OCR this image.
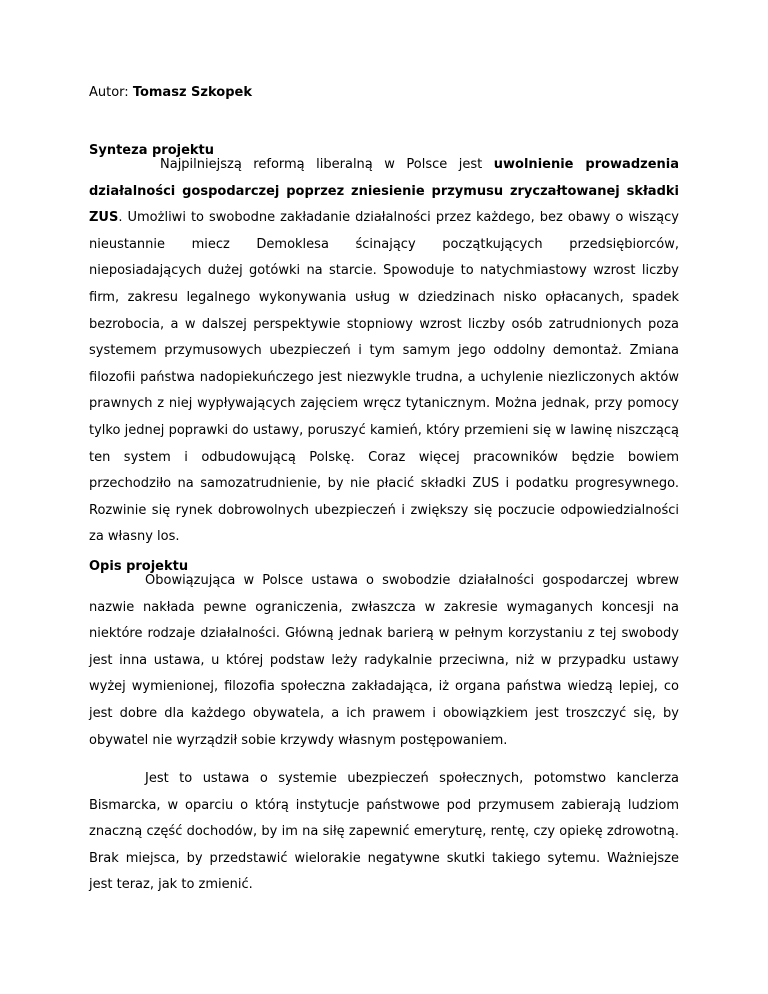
Autor: Tomasz Szkopek
Synteza projektu

Najpilniejszą reformą liberalną w Polsce jest uwolnienie prowadzenia działalności gospodarczej poprzez zniesienie przymusu zryczałtowanej składki ZUS. Umożliwi to swobodne zakładanie działalności przez każdego, bez obawy o wiszący nieustannie miecz Demoklesa ścinający początkujących przedsiębiorców, nieposiadających dużej gotówki na starcie. Spowoduje to natychmiastowy wzrost liczby firm, zakresu legalnego wykonywania usług w dziedzinach nisko opłacanych, spadek bezrobocia, a w dalszej perspektywie stopniowy wzrost liczby osób zatrudnionych poza systemem przymusowych ubezpieczeń i tym samym jego oddolny demontaż. Zmiana filozofii państwa nadopiekuńczego jest niezwykle trudna, a uchylenie niezliczonych aktów prawnych z niej wypływających zajęciem wręcz tytanicznym. Można jednak, przy pomocy tylko jednej poprawki do ustawy, poruszyć kamień, który przemieni się w lawinę niszczącą ten system i odbudowującą Polskę. Coraz więcej pracowników będzie bowiem przechodziło na samozatrudnienie, by nie płacić składki ZUS i podatku progresywnego. Rozwinie się rynek dobrowolnych ubezpieczeń i zwiększy się poczucie odpowiedzialności za własny los.

Opis projektu

Obowiązująca w Polsce ustawa o swobodzie działalności gospodarczej wbrew nazwie nakłada pewne ograniczenia, zwłaszcza w zakresie wymaganych koncesji na niektóre rodzaje działalności. Główną jednak barierą w pełnym korzystaniu z tej swobody jest inna ustawa, u której podstaw leży radykalnie przeciwna, niż w przypadku ustawy wyżej wymienionej, filozofia społeczna zakładająca, iż organa państwa wiedzą lepiej, co jest dobre dla każdego obywatela, a ich prawem i obowiązkiem jest troszczyć się, by obywatel nie wyrządził sobie krzywdy własnym postępowaniem.

Jest to ustawa o systemie ubezpieczeń społecznych, potomstwo kanclerza Bismarcka, w oparciu o którą instytucje państwowe pod przymusem zabierają ludziom znaczną część dochodów, by im na siłę zapewnić emeryturę, rentę, czy opiekę zdrowotną. Brak miejsca, by przedstawić wielorakie negatywne skutki takiego sytemu. Ważniejsze jest teraz, jak to zmienić.
